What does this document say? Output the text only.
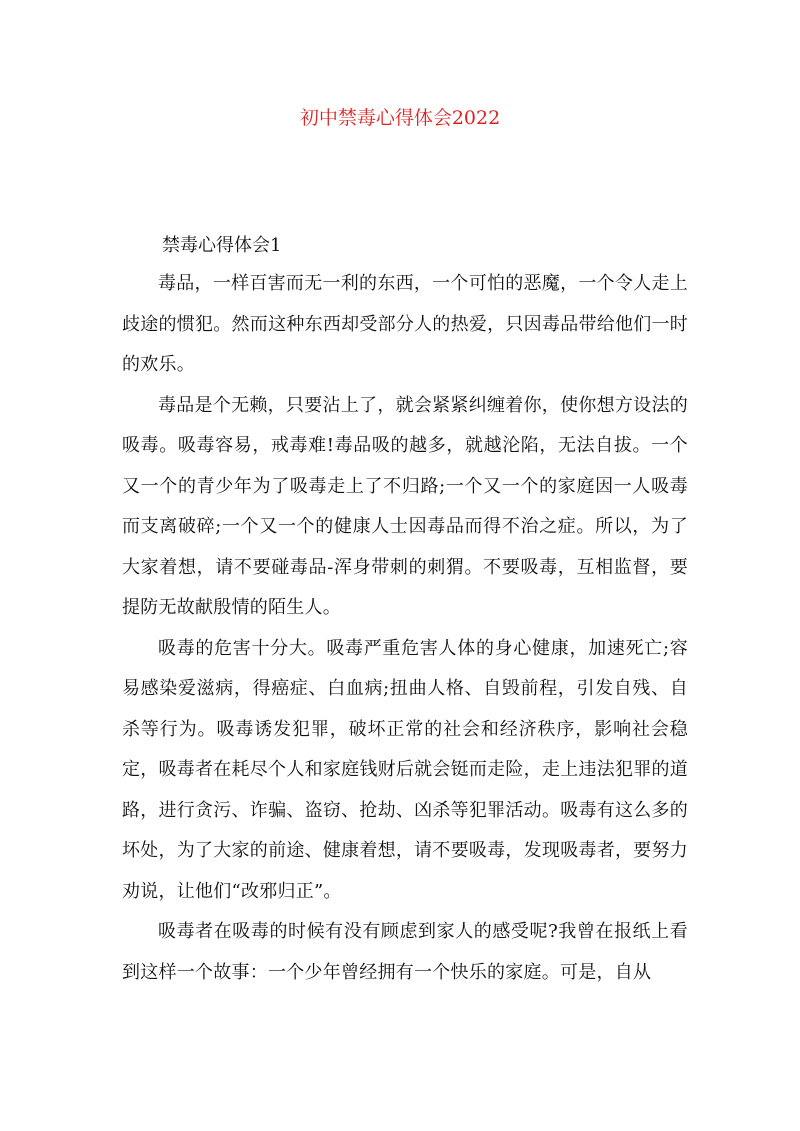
初中禁毒心得体会2022
禁毒心得体会1

毒品，一样百害而无一利的东西，一个可怕的恶魔，一个令人走上歧途的惯犯。然而这种东西却受部分人的热爱，只因毒品带给他们一时的欢乐。

毒品是个无赖，只要沾上了，就会紧紧纠缠着你，使你想方设法的吸毒。吸毒容易，戒毒难!毒品吸的越多，就越沦陷，无法自拔。一个又一个的青少年为了吸毒走上了不归路;一个又一个的家庭因一人吸毒而支离破碎;一个又一个的健康人士因毒品而得不治之症。所以，为了大家着想，请不要碰毒品-浑身带刺的刺猬。不要吸毒，互相监督，要提防无故献殷情的陌生人。

吸毒的危害十分大。吸毒严重危害人体的身心健康，加速死亡;容易感染爱滋病，得癌症、白血病;扭曲人格、自毁前程，引发自残、自杀等行为。吸毒诱发犯罪，破坏正常的社会和经济秩序，影响社会稳定，吸毒者在耗尽个人和家庭钱财后就会铤而走险，走上违法犯罪的道路，进行贪污、诈骗、盗窃、抢劫、凶杀等犯罪活动。吸毒有这么多的坏处，为了大家的前途、健康着想，请不要吸毒，发现吸毒者，要努力劝说，让他们“改邪归正”。

吸毒者在吸毒的时候有没有顾虑到家人的感受呢?我曾在报纸上看到这样一个故事：一个少年曾经拥有一个快乐的家庭。可是，自从
